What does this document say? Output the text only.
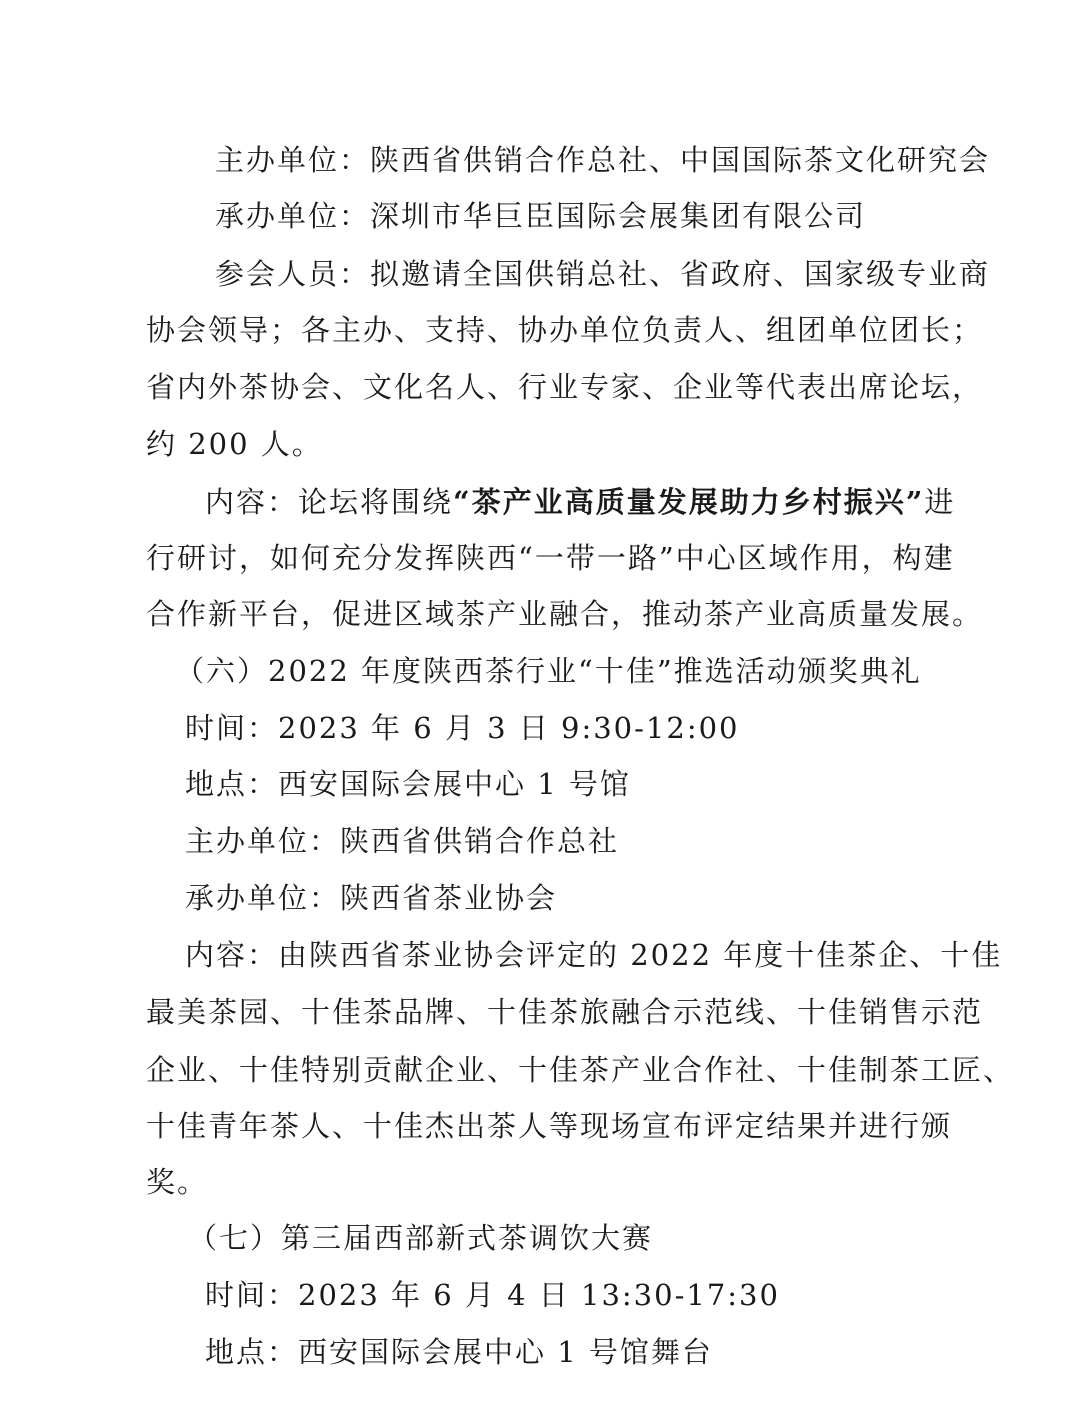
主办单位：陕西省供销合作总社、中国国际茶文化研究会
承办单位：深圳市华巨臣国际会展集团有限公司
参会人员：拟邀请全国供销总社、省政府、国家级专业商
协会领导；各主办、支持、协办单位负责人、组团单位团长；
省内外茶协会、文化名人、行业专家、企业等代表出席论坛，
约 200 人。
内容：论坛将围绕“茶产业高质量发展助力乡村振兴”进
行研讨，如何充分发挥陕西“一带一路”中心区域作用，构建
合作新平台，促进区域茶产业融合，推动茶产业高质量发展。
（六）2022 年度陕西茶行业“十佳”推选活动颁奖典礼
时间：2023 年 6 月 3 日 9:30-12:00
地点：西安国际会展中心 1 号馆
主办单位：陕西省供销合作总社
承办单位：陕西省茶业协会
内容：由陕西省茶业协会评定的 2022 年度十佳茶企、十佳
最美茶园、十佳茶品牌、十佳茶旅融合示范线、十佳销售示范
企业、十佳特别贡献企业、十佳茶产业合作社、十佳制茶工匠、
十佳青年茶人、十佳杰出茶人等现场宣布评定结果并进行颁
奖。
（七）第三届西部新式茶调饮大赛
时间：2023 年 6 月 4 日 13:30-17:30
地点：西安国际会展中心 1 号馆舞台
